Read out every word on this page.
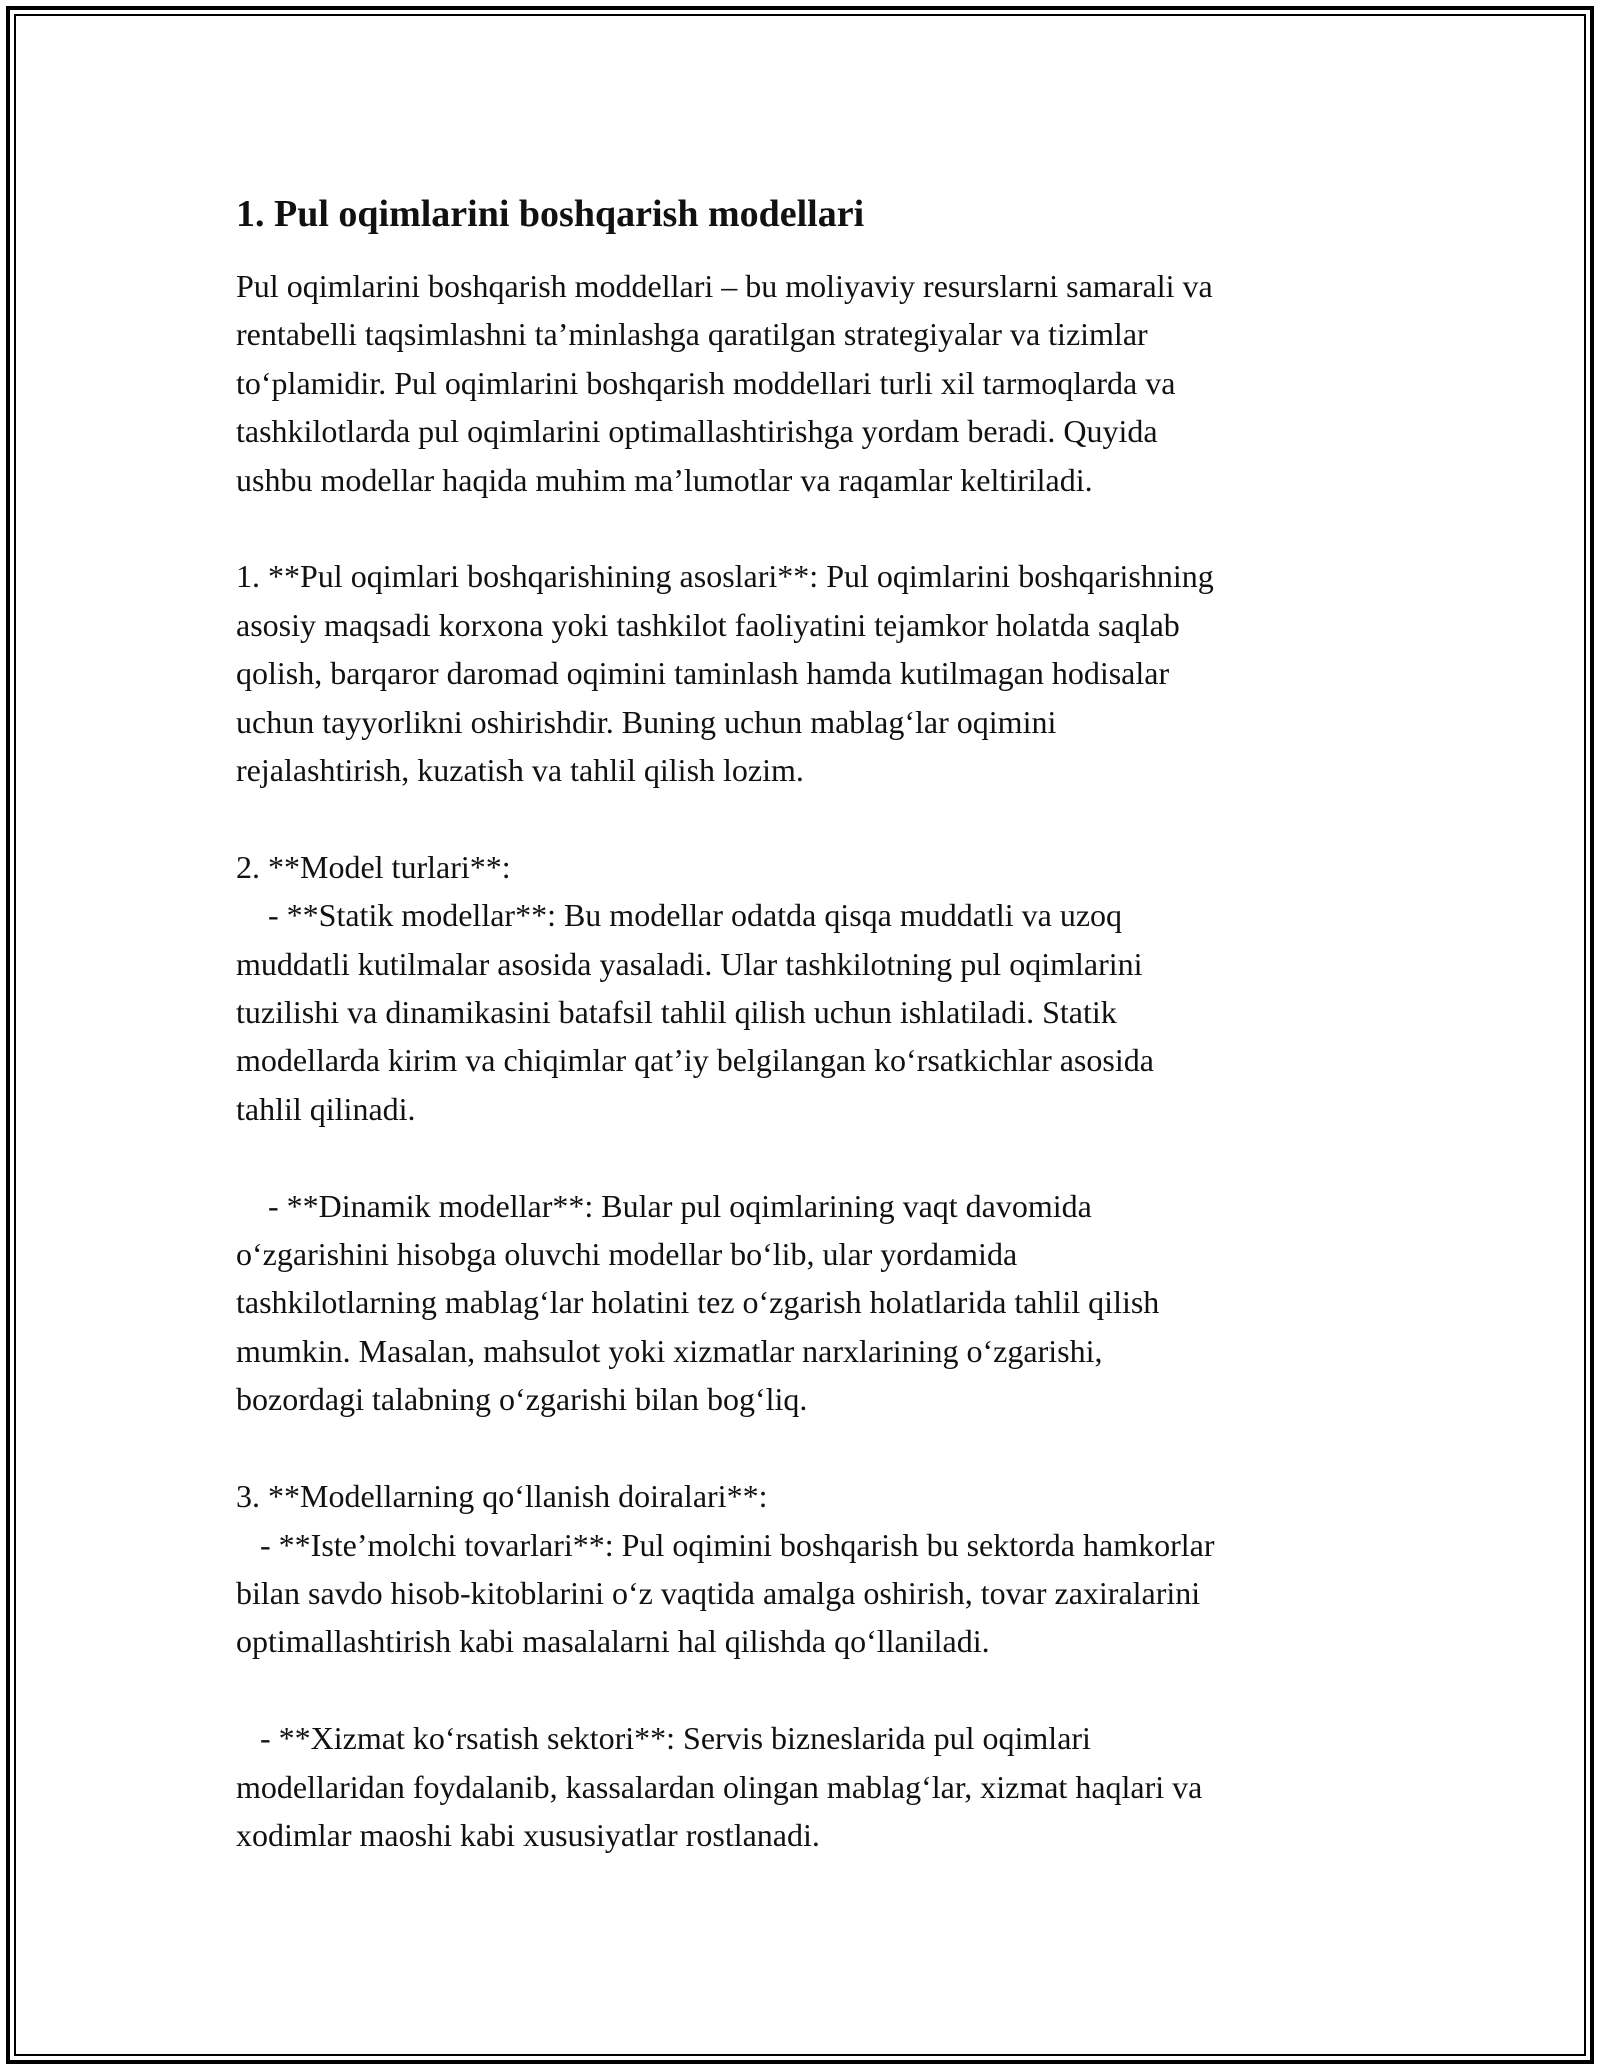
1. Pul oqimlarini boshqarish modellari

Pul oqimlarini boshqarish moddellari – bu moliyaviy resurslarni samarali va
rentabelli taqsimlashni ta’minlashga qaratilgan strategiyalar va tizimlar
to‘plamidir. Pul oqimlarini boshqarish moddellari turli xil tarmoqlarda va
tashkilotlarda pul oqimlarini optimallashtirishga yordam beradi. Quyida
ushbu modellar haqida muhim ma’lumotlar va raqamlar keltiriladi.

1. **Pul oqimlari boshqarishining asoslari**: Pul oqimlarini boshqarishning
asosiy maqsadi korxona yoki tashkilot faoliyatini tejamkor holatda saqlab
qolish, barqaror daromad oqimini taminlash hamda kutilmagan hodisalar
uchun tayyorlikni oshirishdir. Buning uchun mablag‘lar oqimini
rejalashtirish, kuzatish va tahlil qilish lozim.

2. **Model turlari**:
- **Statik modellar**: Bu modellar odatda qisqa muddatli va uzoq
muddatli kutilmalar asosida yasaladi. Ular tashkilotning pul oqimlarini
tuzilishi va dinamikasini batafsil tahlil qilish uchun ishlatiladi. Statik
modellarda kirim va chiqimlar qat’iy belgilangan ko‘rsatkichlar asosida
tahlil qilinadi.

- **Dinamik modellar**: Bular pul oqimlarining vaqt davomida
o‘zgarishini hisobga oluvchi modellar bo‘lib, ular yordamida
tashkilotlarning mablag‘lar holatini tez o‘zgarish holatlarida tahlil qilish
mumkin. Masalan, mahsulot yoki xizmatlar narxlarining o‘zgarishi,
bozordagi talabning o‘zgarishi bilan bog‘liq.

3. **Modellarning qo‘llanish doiralari**:
- **Iste’molchi tovarlari**: Pul oqimini boshqarish bu sektorda hamkorlar
bilan savdo hisob-kitoblarini o‘z vaqtida amalga oshirish, tovar zaxiralarini
optimallashtirish kabi masalalarni hal qilishda qo‘llaniladi.

- **Xizmat ko‘rsatish sektori**: Servis bizneslarida pul oqimlari
modellaridan foydalanib, kassalardan olingan mablag‘lar, xizmat haqlari va
xodimlar maoshi kabi xususiyatlar rostlanadi.
